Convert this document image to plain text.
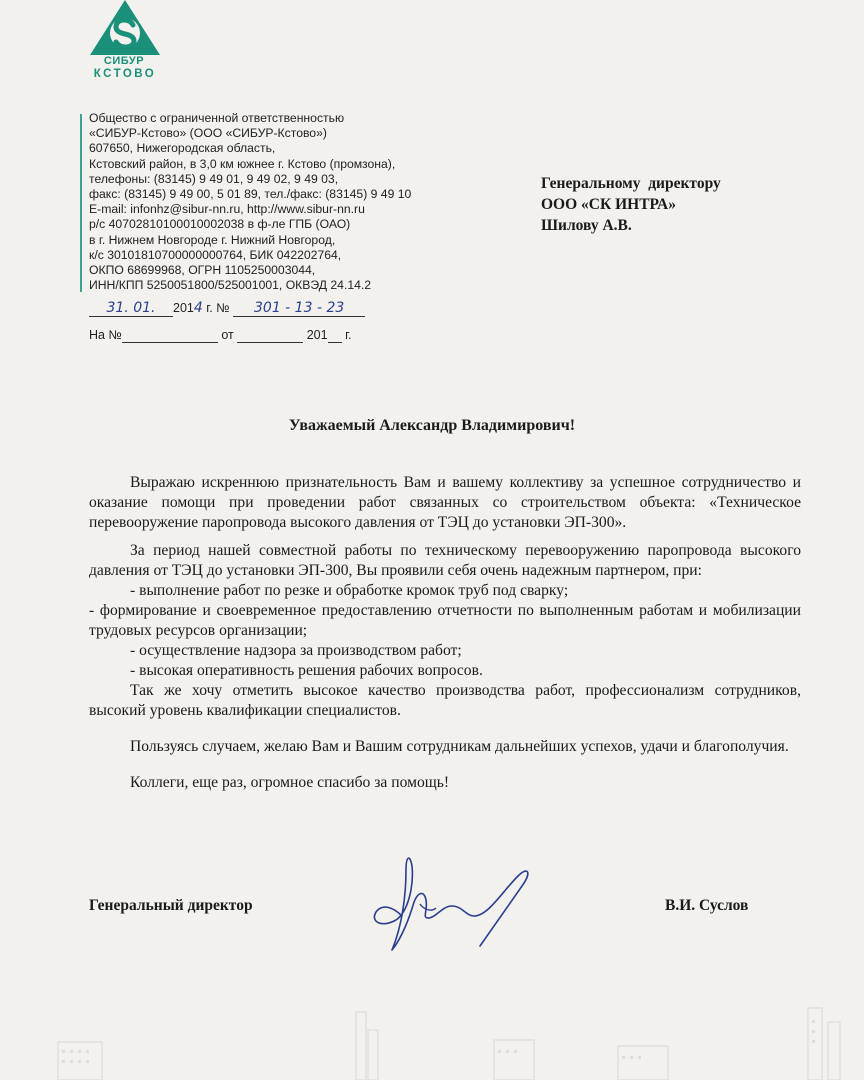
СИБУР
КСТОВО
Общество с ограниченной ответственностью
«СИБУР-Кстово» (ООО «СИБУР-Кстово»)
607650, Нижегородская область,
Кстовский район, в 3,0 км южнее г. Кстово (промзона),
телефоны: (83145) 9 49 01, 9 49 02, 9 49 03,
факс: (83145) 9 49 00, 5 01 89, тел./факс: (83145) 9 49 10
E-mail: infonhz@sibur-nn.ru, http://www.sibur-nn.ru
р/с 40702810100010002038 в ф-ле ГПБ (ОАО)
в г. Нижнем Новгороде г. Нижний Новгород,
к/с 30101810700000000764, БИК 042202764,
ОКПО 68699968, ОГРН 1105250003044,
ИНН/КПП 5250051800/525001001, ОКВЭД 24.14.2
31. 01. 2014 г. № 301 - 13 - 23
На №	от	201  г.
Генеральному  директору
ООО «СК ИНТРА»
Шилову А.В.
Уважаемый Александр Владимирович!

Выражаю искреннюю признательность Вам и вашему коллективу за успешное сотрудничество и оказание помощи при проведении работ связанных со строительством объекта: «Техническое перевооружение паропровода высокого давления от ТЭЦ до установки ЭП-300».

За период нашей совместной работы по техническому перевооружению паропровода высокого давления от ТЭЦ до установки ЭП-300, Вы проявили себя очень надежным партнером, при:

- выполнение работ по резке и обработке кромок труб под сварку;

- формирование и своевременное предоставлению отчетности по выполненным работам и мобилизации трудовых ресурсов организации;

- осуществление надзора за производством работ;

- высокая оперативность решения рабочих вопросов.

Так же хочу отметить высокое качество производства работ, профессионализм сотрудников, высокий уровень квалификации специалистов.

Пользуясь случаем, желаю Вам и Вашим сотрудникам дальнейших успехов, удачи и благополучия.

Коллеги, еще раз, огромное спасибо за помощь!

Генеральный директор	В.И. Суслов
